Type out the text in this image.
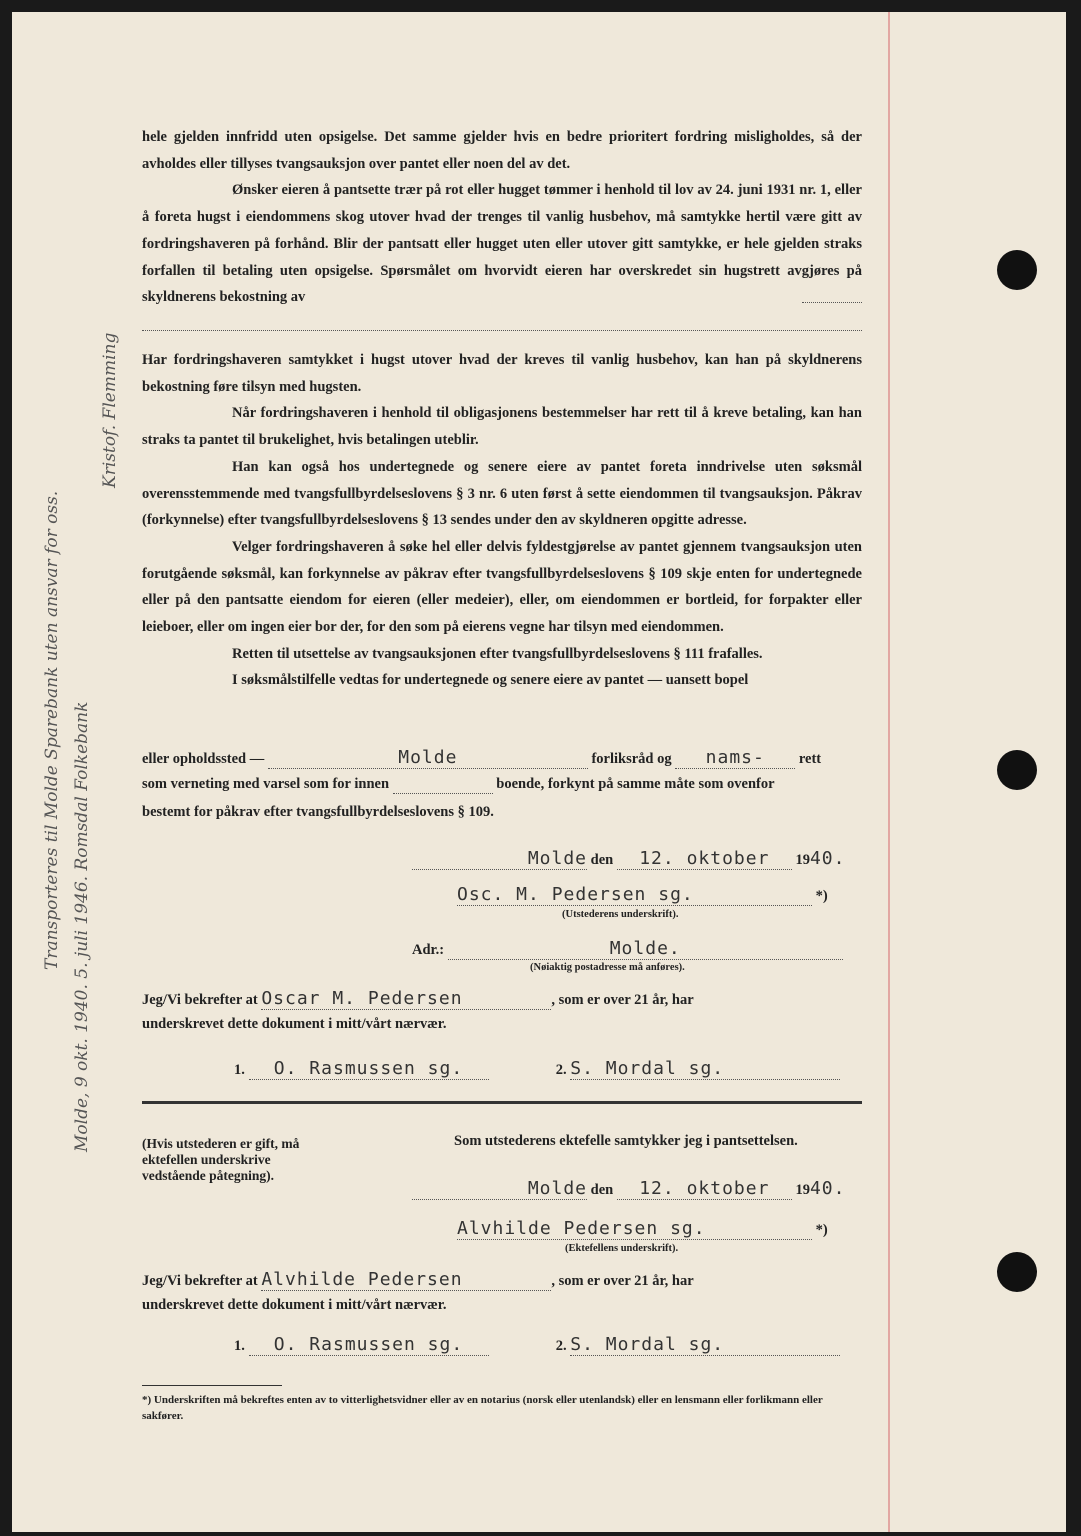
Transporteres til Molde Sparebank uten ansvar for oss. Molde, 9 okt. 1940. 5. juli 1946. Romsdal Folkebank
Kristof. Flemming

hele gjelden innfridd uten opsigelse. Det samme gjelder hvis en bedre prioritert fordring misligholdes, så der avholdes eller tillyses tvangsauksjon over pantet eller noen del av det.

Ønsker eieren å pantsette trær på rot eller hugget tømmer i henhold til lov av 24. juni 1931 nr. 1, eller å foreta hugst i eiendommens skog utover hvad der trenges til vanlig husbehov, må samtykke hertil være gitt av fordringshaveren på forhånd. Blir der pantsatt eller hugget uten eller utover gitt samtykke, er hele gjelden straks forfallen til betaling uten opsigelse. Spørsmålet om hvorvidt eieren har overskredet sin hugstrett avgjøres på skyldnerens bekostning av

Har fordringshaveren samtykket i hugst utover hvad der kreves til vanlig husbehov, kan han på skyldnerens bekostning føre tilsyn med hugsten.

Når fordringshaveren i henhold til obligasjonens bestemmelser har rett til å kreve betaling, kan han straks ta pantet til brukelighet, hvis betalingen uteblir.

Han kan også hos undertegnede og senere eiere av pantet foreta inndrivelse uten søksmål overensstemmende med tvangsfullbyrdelseslovens § 3 nr. 6 uten først å sette eiendommen til tvangsauksjon. Påkrav (forkynnelse) efter tvangsfullbyrdelseslovens § 13 sendes under den av skyldneren opgitte adresse.

Velger fordringshaveren å søke hel eller delvis fyldestgjørelse av pantet gjennem tvangsauksjon uten forutgående søksmål, kan forkynnelse av påkrav efter tvangsfullbyrdelseslovens § 109 skje enten for undertegnede eller på den pantsatte eiendom for eieren (eller medeier), eller, om eiendommen er bortleid, for forpakter eller leieboer, eller om ingen eier bor der, for den som på eierens vegne har tilsyn med eiendommen.

Retten til utsettelse av tvangsauksjonen efter tvangsfullbyrdelseslovens § 111 frafalles.

I søksmålstilfelle vedtas for undertegnede og senere eiere av pantet — uansett bopel

eller opholdssted —	Molde	forliksråd og nams- rett
som verneting med varsel som for innen	boende, forkynt på samme måte som ovenfor
bestemt for påkrav efter tvangsfullbyrdelseslovens § 109.
Molde den 12. oktober 1940.
Osc. M. Pedersen sg.	*)
(Utstederens underskrift).
Adr.:	Molde.
(Nøiaktig postadresse må anføres).
Jeg/Vi bekrefter at Oscar M. Pedersen	, som er over 21 år, har
underskrevet dette dokument i mitt/vårt nærvær.
1. O. Rasmussen sg.	2. S. Mordal sg.
(Hvis utstederen er gift, må ektefellen underskrive vedstående påtegning).
Som utstederens ektefelle samtykker jeg i pantsettelsen.
Molde den 12. oktober 1940.
Alvhilde Pedersen sg.	*)
(Ektefellens underskrift).
Jeg/Vi bekrefter at Alvhilde Pedersen	, som er over 21 år, har
underskrevet dette dokument i mitt/vårt nærvær.
1. O. Rasmussen sg.	2. S. Mordal sg.
*) Underskriften må bekreftes enten av to vitterlighetsvidner eller av en notarius (norsk eller utenlandsk) eller en lensmann eller forlikmann eller sakfører.
